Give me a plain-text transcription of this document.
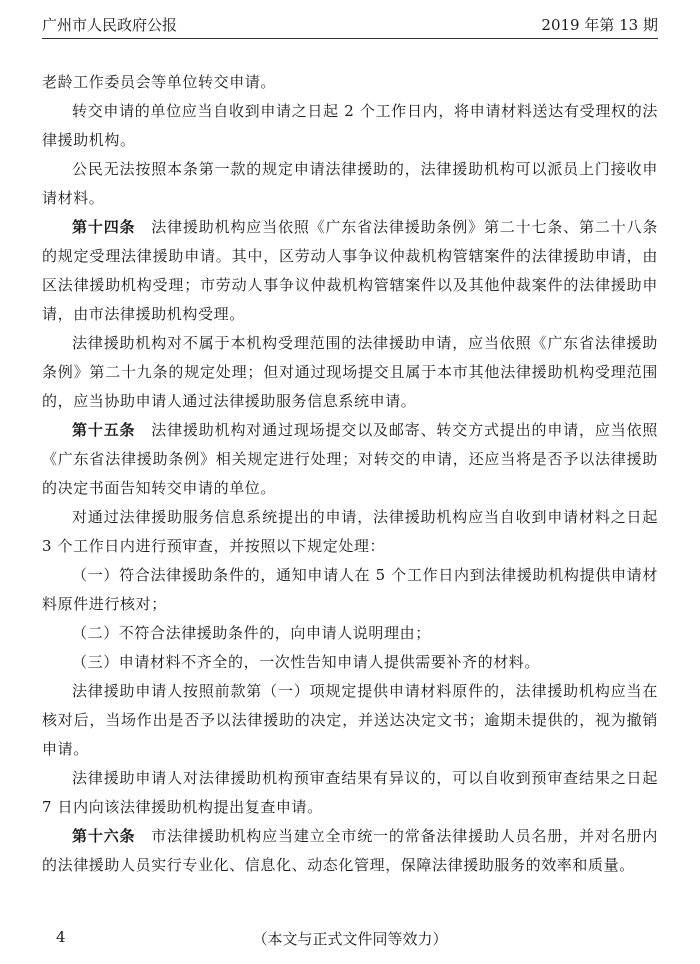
广州市人民政府公报	2019 年第 13 期

老龄工作委员会等单位转交申请。

转交申请的单位应当自收到申请之日起 2 个工作日内，将申请材料送达有受理权的法律援助机构。

公民无法按照本条第一款的规定申请法律援助的，法律援助机构可以派员上门接收申请材料。

第十四条　法律援助机构应当依照《广东省法律援助条例》第二十七条、第二十八条的规定受理法律援助申请。其中，区劳动人事争议仲裁机构管辖案件的法律援助申请，由区法律援助机构受理；市劳动人事争议仲裁机构管辖案件以及其他仲裁案件的法律援助申请，由市法律援助机构受理。

法律援助机构对不属于本机构受理范围的法律援助申请，应当依照《广东省法律援助条例》第二十九条的规定处理；但对通过现场提交且属于本市其他法律援助机构受理范围的，应当协助申请人通过法律援助服务信息系统申请。

第十五条　法律援助机构对通过现场提交以及邮寄、转交方式提出的申请，应当依照《广东省法律援助条例》相关规定进行处理；对转交的申请，还应当将是否予以法律援助的决定书面告知转交申请的单位。

对通过法律援助服务信息系统提出的申请，法律援助机构应当自收到申请材料之日起 3 个工作日内进行预审查，并按照以下规定处理：

（一）符合法律援助条件的，通知申请人在 5 个工作日内到法律援助机构提供申请材料原件进行核对；

（二）不符合法律援助条件的，向申请人说明理由；

（三）申请材料不齐全的，一次性告知申请人提供需要补齐的材料。

法律援助申请人按照前款第（一）项规定提供申请材料原件的，法律援助机构应当在核对后，当场作出是否予以法律援助的决定，并送达决定文书；逾期未提供的，视为撤销申请。

法律援助申请人对法律援助机构预审查结果有异议的，可以自收到预审查结果之日起 7 日内向该法律援助机构提出复查申请。

第十六条　市法律援助机构应当建立全市统一的常备法律援助人员名册，并对名册内的法律援助人员实行专业化、信息化、动态化管理，保障法律援助服务的效率和质量。

4	（本文与正式文件同等效力）
